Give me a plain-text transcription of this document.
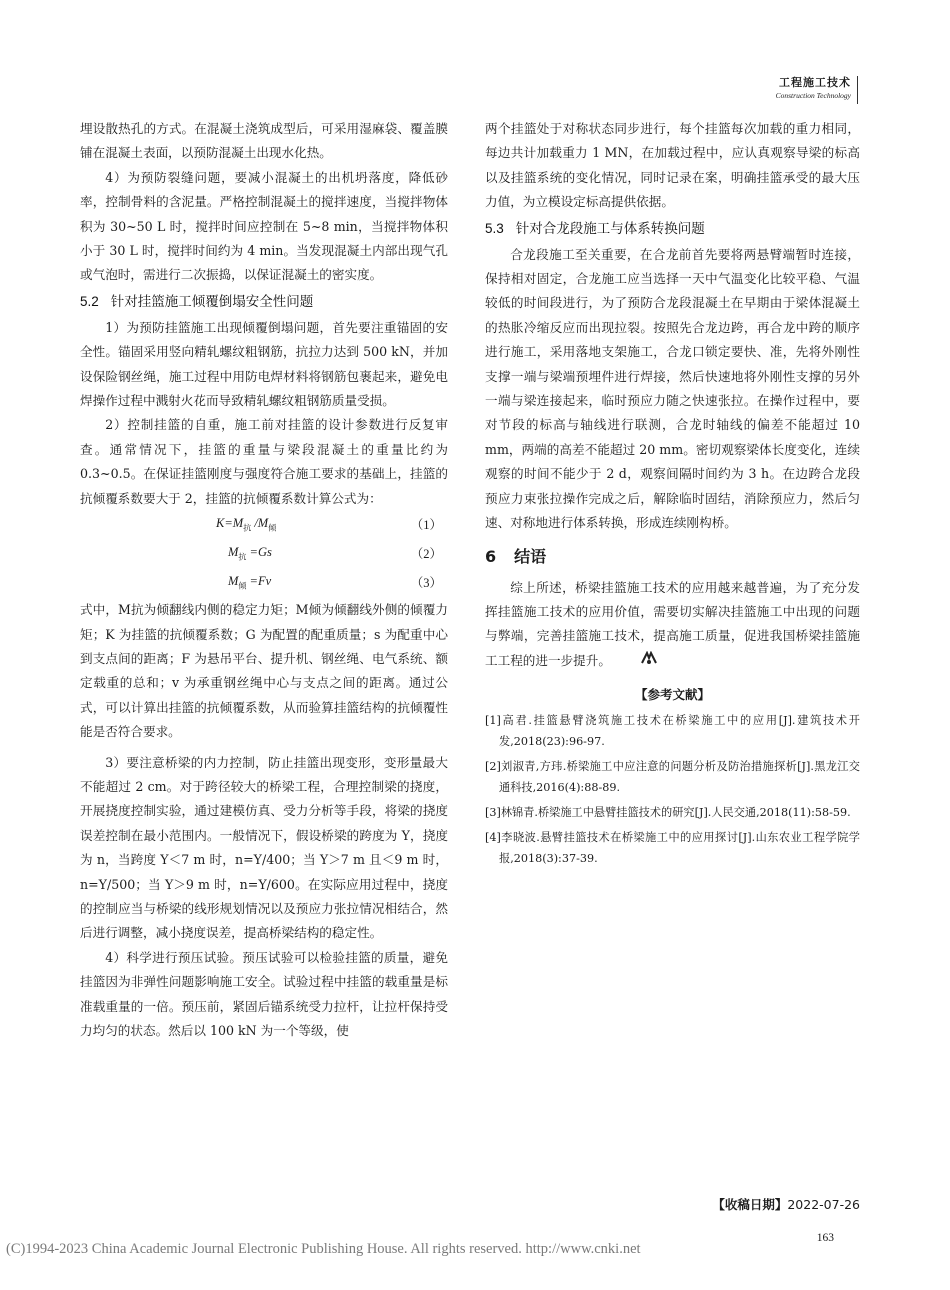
工程施工技术
Construction Technology

埋设散热孔的方式。在混凝土浇筑成型后，可采用湿麻袋、覆盖膜铺在混凝土表面，以预防混凝土出现水化热。

4）为预防裂缝问题，要减小混凝土的出机坍落度，降低砂率，控制骨料的含泥量。严格控制混凝土的搅拌速度，当搅拌物体积为 30~50 L 时，搅拌时间应控制在 5~8 min，当搅拌物体积小于 30 L 时，搅拌时间约为 4 min。当发现混凝土内部出现气孔或气泡时，需进行二次振捣，以保证混凝土的密实度。

5.2 针对挂篮施工倾覆倒塌安全性问题

1）为预防挂篮施工出现倾覆倒塌问题，首先要注重锚固的安全性。锚固采用竖向精轧螺纹粗钢筋，抗拉力达到 500 kN，并加设保险钢丝绳，施工过程中用防电焊材料将钢筋包裹起来，避免电焊操作过程中溅射火花而导致精轧螺纹粗钢筋质量受损。

2）控制挂篮的自重，施工前对挂篮的设计参数进行反复审查。通常情况下，挂篮的重量与梁段混凝土的重量比约为 0.3~0.5。在保证挂篮刚度与强度符合施工要求的基础上，挂篮的抗倾覆系数要大于 2，挂篮的抗倾覆系数计算公式为：

$K=M_抗$ $/M_倾$	（1）
$M_抗 =Gs$	（2）
$M_倾 =Fv$	（3）

式中，M抗为倾翻线内侧的稳定力矩；M倾为倾翻线外侧的倾覆力矩；K 为挂篮的抗倾覆系数；G 为配置的配重质量；s 为配重中心到支点间的距离；F 为悬吊平台、提升机、钢丝绳、电气系统、额定载重的总和；v 为承重钢丝绳中心与支点之间的距离。通过公式，可以计算出挂篮的抗倾覆系数，从而验算挂篮结构的抗倾覆性能是否符合要求。

3）要注意桥梁的内力控制，防止挂篮出现变形，变形量最大不能超过 2 cm。对于跨径较大的桥梁工程，合理控制梁的挠度，开展挠度控制实验，通过建模仿真、受力分析等手段，将梁的挠度误差控制在最小范围内。一般情况下，假设桥梁的跨度为 Y，挠度为 n，当跨度 Y＜7 m 时，n=Y/400；当 Y＞7 m 且＜9 m 时，n=Y/500；当 Y＞9 m 时，n=Y/600。在实际应用过程中，挠度的控制应当与桥梁的线形规划情况以及预应力张拉情况相结合，然后进行调整，减小挠度误差，提高桥梁结构的稳定性。

4）科学进行预压试验。预压试验可以检验挂篮的质量，避免挂篮因为非弹性问题影响施工安全。试验过程中挂篮的载重量是标准载重量的一倍。预压前，紧固后锚系统受力拉杆，让拉杆保持受力均匀的状态。然后以 100 kN 为一个等级，使

两个挂篮处于对称状态同步进行，每个挂篮每次加载的重力相同，每边共计加载重力 1 MN，在加载过程中，应认真观察导梁的标高以及挂篮系统的变化情况，同时记录在案，明确挂篮承受的最大压力值，为立模设定标高提供依据。

5.3 针对合龙段施工与体系转换问题

合龙段施工至关重要，在合龙前首先要将两悬臂端暂时连接，保持相对固定，合龙施工应当选择一天中气温变化比较平稳、气温较低的时间段进行，为了预防合龙段混凝土在早期由于梁体混凝土的热胀冷缩反应而出现拉裂。按照先合龙边跨，再合龙中跨的顺序进行施工，采用落地支架施工，合龙口锁定要快、准，先将外刚性支撑一端与梁端预埋件进行焊接，然后快速地将外刚性支撑的另外一端与梁连接起来，临时预应力随之快速张拉。在操作过程中，要对节段的标高与轴线进行联测，合龙时轴线的偏差不能超过 10 mm，两端的高差不能超过 20 mm。密切观察梁体长度变化，连续观察的时间不能少于 2 d，观察间隔时间约为 3 h。在边跨合龙段预应力束张拉操作完成之后，解除临时固结，消除预应力，然后匀速、对称地进行体系转换，形成连续刚构桥。

6 结语

综上所述，桥梁挂篮施工技术的应用越来越普遍，为了充分发挥挂篮施工技术的应用价值，需要切实解决挂篮施工中出现的问题与弊端，完善挂篮施工技术，提高施工质量，促进我国桥梁挂篮施工工程的进一步提升。

【参考文献】
[1]高君.挂篮悬臂浇筑施工技术在桥梁施工中的应用[J].建筑技术开发,2018(23):96-97.
[2]刘淑青,方玮.桥梁施工中应注意的问题分析及防治措施探析[J].黑龙江交通科技,2016(4):88-89.
[3]林锦青.桥梁施工中悬臂挂篮技术的研究[J].人民交通,2018(11):58-59.
[4]李晓波.悬臂挂篮技术在桥梁施工中的应用探讨[J].山东农业工程学院学报,2018(3):37-39.
【收稿日期】2022-07-26
163
(C)1994-2023 China Academic Journal Electronic Publishing House. All rights reserved. http://www.cnki.net
